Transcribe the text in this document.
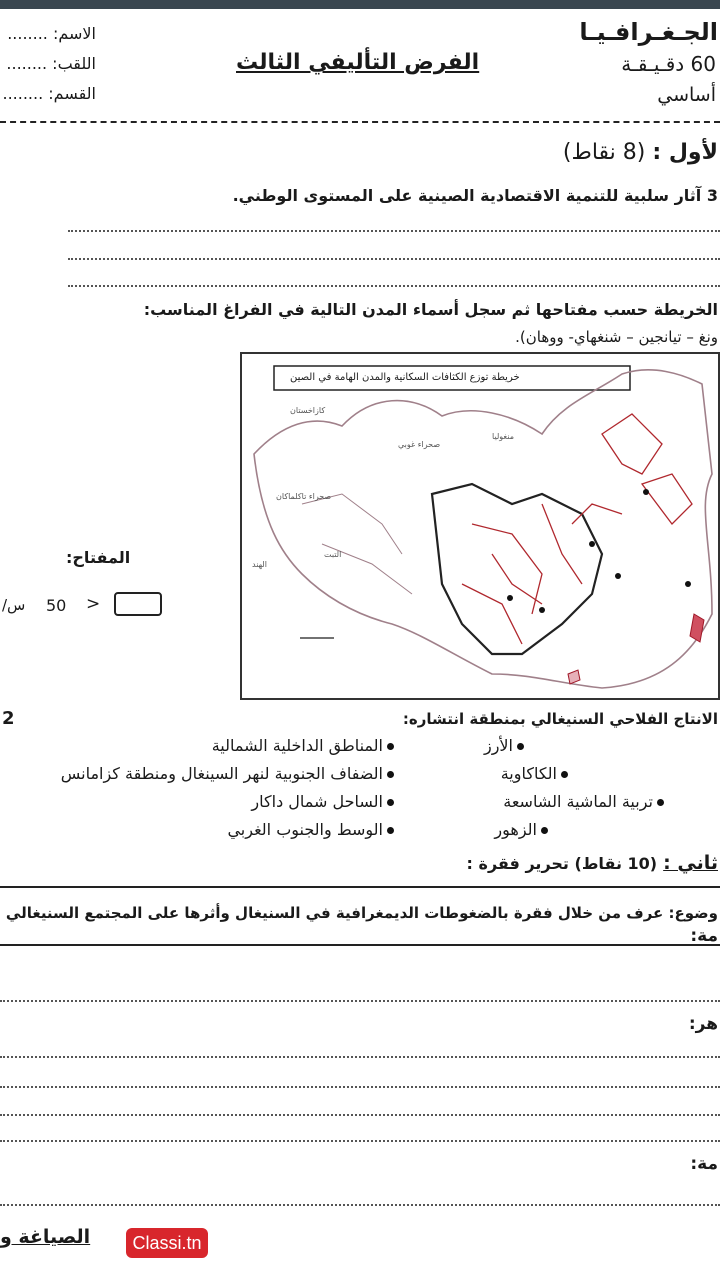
الجـغـرافـيـا
60 دقـيـقـة
أساسي
الفرض التأليفي الثالث
الاسم: ........
اللقب: ........
القسم: ........
لأول : (8 نقاط)
3 آثار سلبية للتنمية الاقتصادية الصينية على المستوى الوطني.
الخريطة حسب مفتاحها ثم سجل أسماء المدن التالية في الفراغ المناسب:
ونغ – تيانجين – شنغهاي- ووهان).
خريطة توزع الكثافات السكانية والمدن الهامة في الصين
كازاخستان
منغوليا
صحراء غوبي
صحراء تاكلماكان
التبت
الهند
المفتاح:
<
50
س/
2	الانتاج الفلاحي السنيغالي بمنطقة انتشاره:
الأرز
الكاكاوية
تربية الماشية الشاسعة
الزهور
المناطق الداخلية الشمالية
الضفاف الجنوبية لنهر السينغال ومنطقة كزامانس
الساحل شمال داكار
الوسط والجنوب الغربي
ثاني : (10 نقاط) تحرير فقرة :
وضوع: عرف من خلال فقرة بالضغوطات الديمغرافية في السنيغال وأثرها على المجتمع السنيغالي
مة:
هر:
مة:
الصياغة و	Classi.tn
